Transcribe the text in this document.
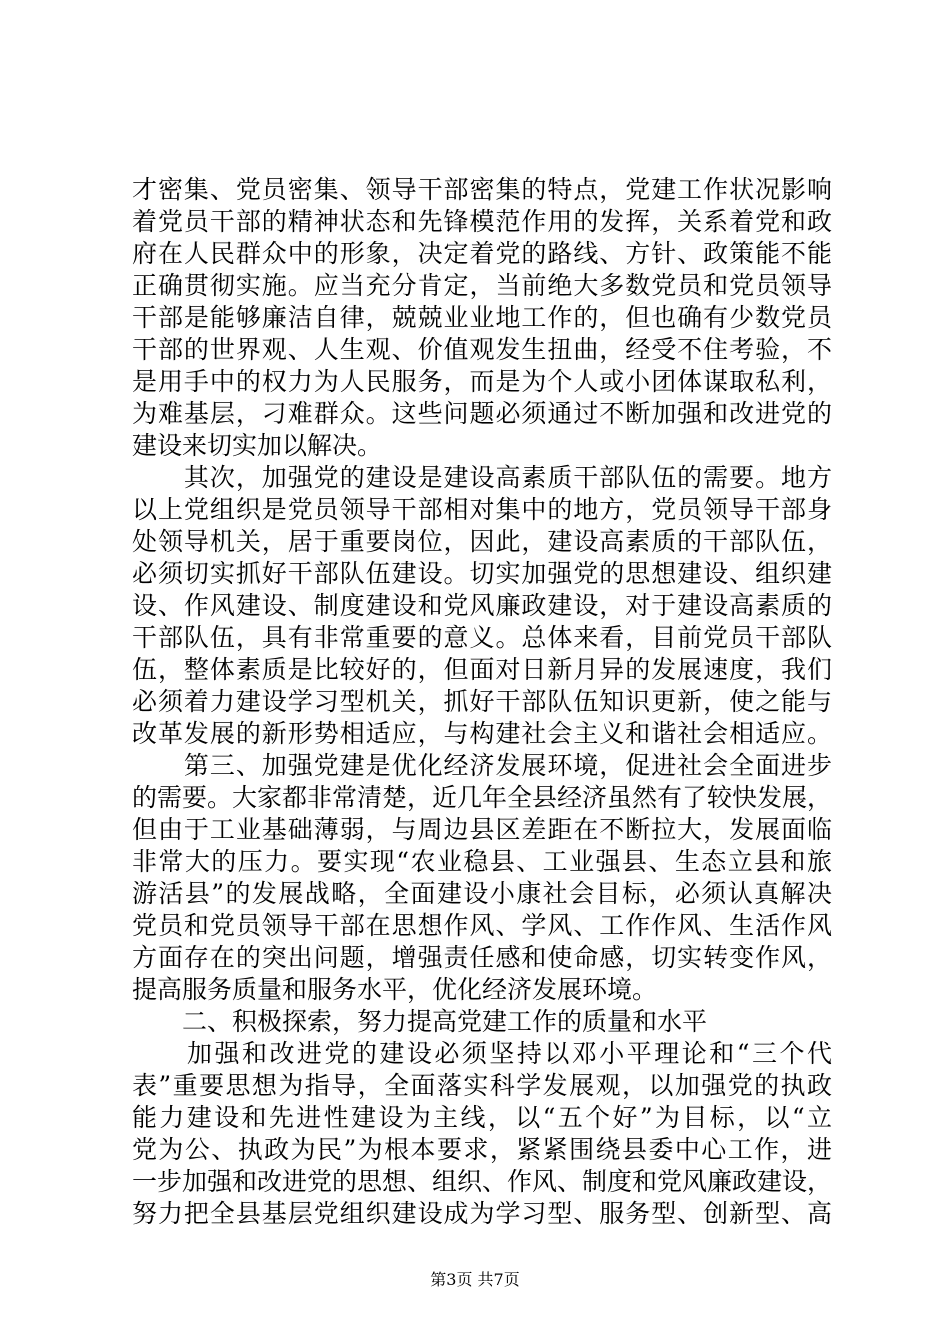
才密集、党员密集、领导干部密集的特点，党建工作状况影响
着党员干部的精神状态和先锋模范作用的发挥，关系着党和政
府在人民群众中的形象，决定着党的路线、方针、政策能不能
正确贯彻实施。应当充分肯定，当前绝大多数党员和党员领导
干部是能够廉洁自律，兢兢业业地工作的，但也确有少数党员
干部的世界观、人生观、价值观发生扭曲，经受不住考验，不
是用手中的权力为人民服务，而是为个人或小团体谋取私利，
为难基层，刁难群众。这些问题必须通过不断加强和改进党的
建设来切实加以解决。
　　其次，加强党的建设是建设高素质干部队伍的需要。地方
以上党组织是党员领导干部相对集中的地方，党员领导干部身
处领导机关，居于重要岗位，因此，建设高素质的干部队伍，
必须切实抓好干部队伍建设。切实加强党的思想建设、组织建
设、作风建设、制度建设和党风廉政建设，对于建设高素质的
干部队伍，具有非常重要的意义。总体来看，目前党员干部队
伍，整体素质是比较好的，但面对日新月异的发展速度，我们
必须着力建设学习型机关，抓好干部队伍知识更新，使之能与
改革发展的新形势相适应，与构建社会主义和谐社会相适应。
　　第三、加强党建是优化经济发展环境，促进社会全面进步
的需要。大家都非常清楚，近几年全县经济虽然有了较快发展，
但由于工业基础薄弱，与周边县区差距在不断拉大，发展面临
非常大的压力。要实现“农业稳县、工业强县、生态立县和旅
游活县”的发展战略，全面建设小康社会目标，必须认真解决
党员和党员领导干部在思想作风、学风、工作作风、生活作风
方面存在的突出问题，增强责任感和使命感，切实转变作风，
提高服务质量和服务水平，优化经济发展环境。
　　二、积极探索，努力提高党建工作的质量和水平
　　加强和改进党的建设必须坚持以邓小平理论和“三个代
表”重要思想为指导，全面落实科学发展观，以加强党的执政
能力建设和先进性建设为主线，以“五个好”为目标，以“立
党为公、执政为民”为根本要求，紧紧围绕县委中心工作，进
一步加强和改进党的思想、组织、作风、制度和党风廉政建设，
努力把全县基层党组织建设成为学习型、服务型、创新型、高
第3页 共7页
